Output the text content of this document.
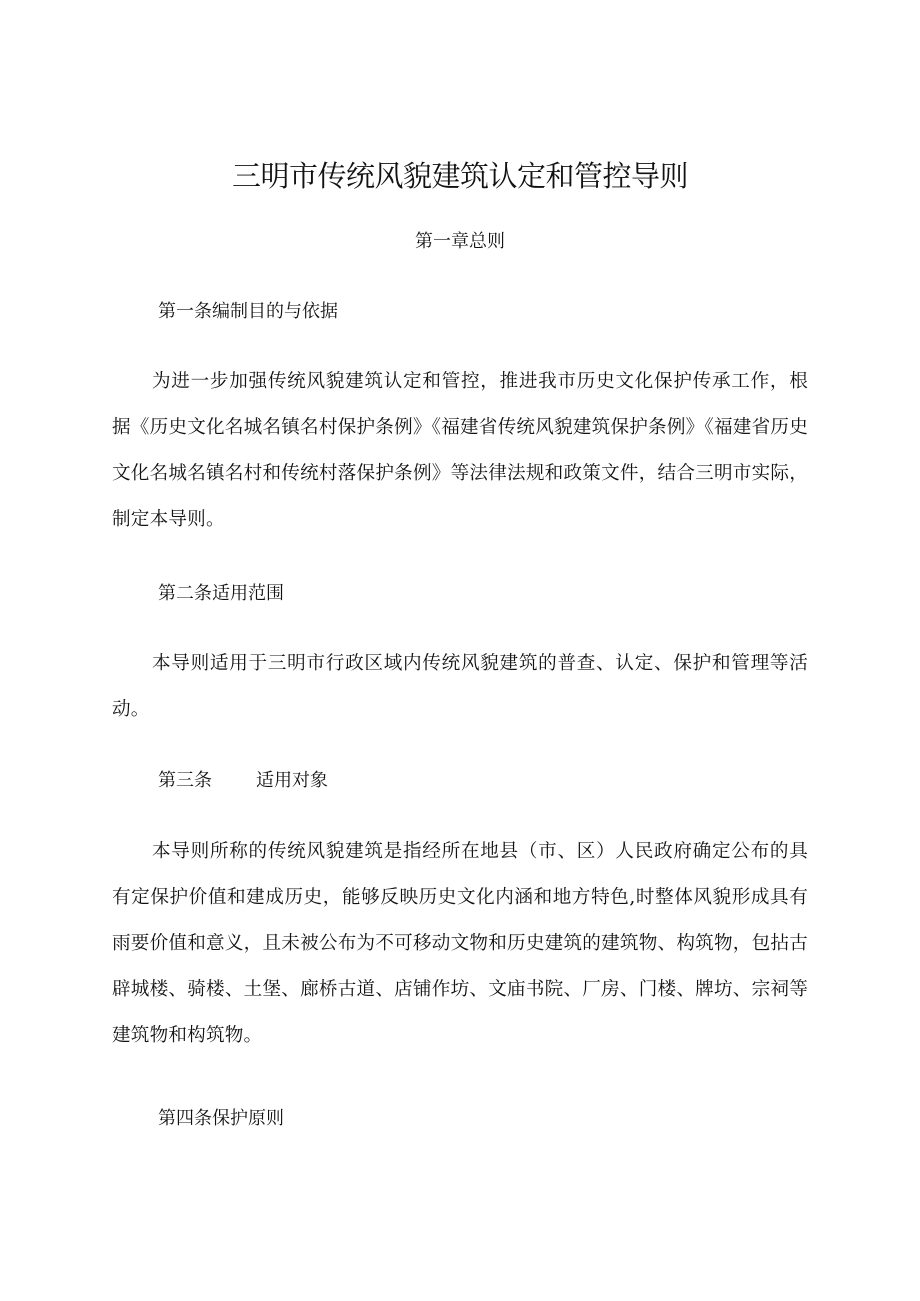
三明市传统风貌建筑认定和管控导则
第一章总则
第一条编制目的与依据
为进一步加强传统风貌建筑认定和管控，推进我市历史文化保护传承工作，根据《历史文化名城名镇名村保护条例》《福建省传统风貌建筑保护条例》《福建省历史文化名城名镇名村和传统村落保护条例》等法律法规和政策文件，结合三明市实际，制定本导则。
第二条适用范围
本导则适用于三明市行政区域内传统风貌建筑的普查、认定、保护和管理等活动。
第三条 适用对象
本导则所称的传统风貌建筑是指经所在地县（市、区）人民政府确定公布的具有定保护价值和建成历史，能够反映历史文化内涵和地方特色,时整体风貌形成具有雨要价值和意义，且未被公布为不可移动文物和历史建筑的建筑物、构筑物，包拈古辟城楼、骑楼、土堡、廊桥古道、店铺作坊、文庙书院、厂房、门楼、牌坊、宗祠等建筑物和构筑物。
第四条保护原则
